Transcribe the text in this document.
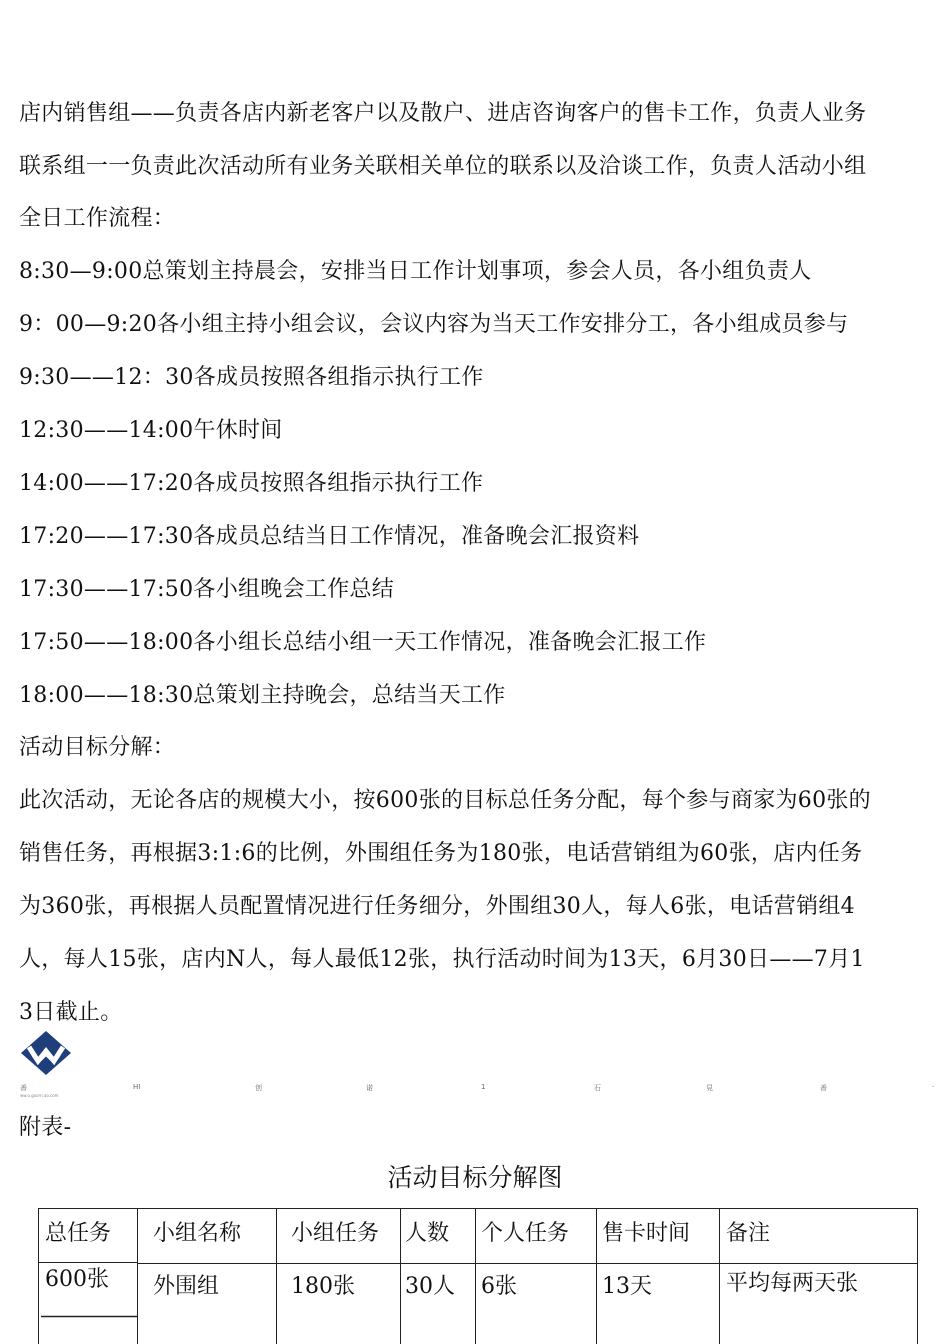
店内销售组——负责各店内新老客户以及散户、进店咨询客户的售卡工作，负责人业务
联系组一一负责此次活动所有业务关联相关单位的联系以及洽谈工作，负责人活动小组
全日工作流程：
8:30—9:00总策划主持晨会，安排当日工作计划事项，参会人员，各小组负责人
9：00—9:20各小组主持小组会议，会议内容为当天工作安排分工，各小组成员参与
9:30——12：30各成员按照各组指示执行工作
12:30——14:00午休时间
14:00——17:20各成员按照各组指示执行工作
17:20——17:30各成员总结当日工作情况，准备晚会汇报资料
17:30——17:50各小组晚会工作总结
17:50——18:00各小组长总结小组一天工作情况，准备晚会汇报工作
18:00——18:30总策划主持晚会，总结当天工作
活动目标分解：
此次活动，无论各店的规模大小，按600张的目标总任务分配，每个参与商家为60张的
销售任务，再根据3:1:6的比例，外围组任务为180张，电话营销组为60张，店内任务
为360张，再根据人员配置情况进行任务细分，外围组30人，每人6张，电话营销组4
人，每人15张，店内N人，每人最低12张，执行活动时间为13天，6月30日——7月1
3日截止。
善	HI	创	诺	1	石	見	善	·
ww.o.goorn.ao.com
附表-
活动目标分解图
总任务 小组名称 小组任务 人数 个人任务 售卡时间 备注
600张 外围组	180张 30人 6张	13天	平均每两天张
